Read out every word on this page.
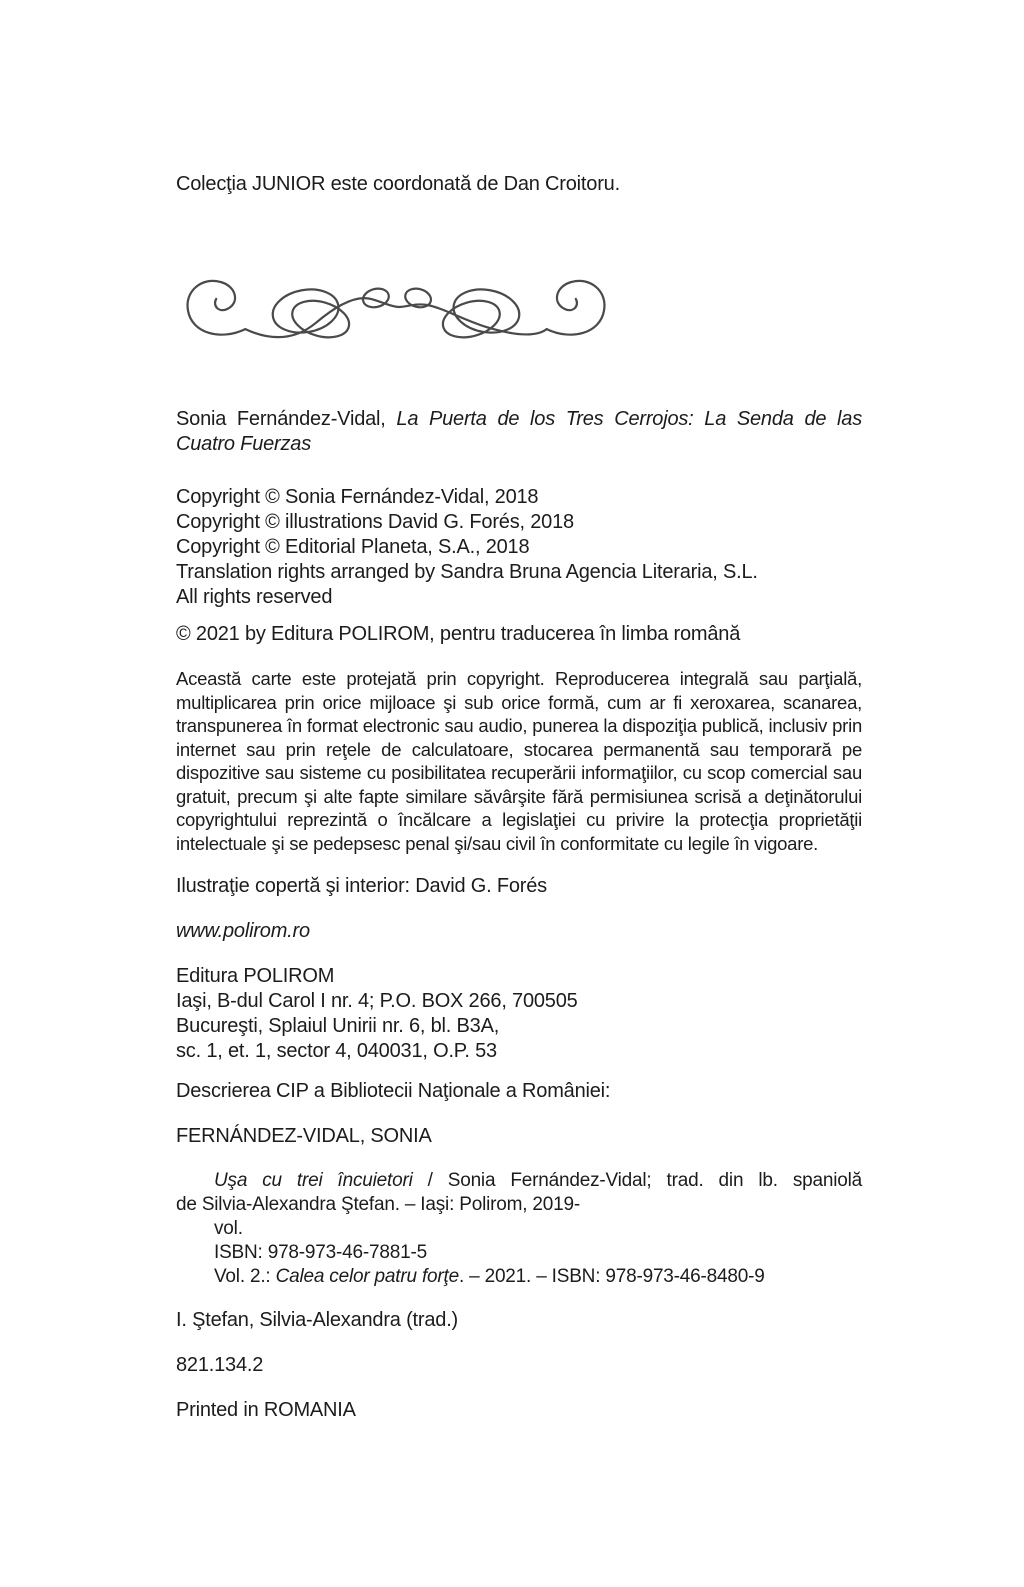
Colecţia JUNIOR este coordonată de Dan Croitoru.

Sonia Fernández-Vidal, La Puerta de los Tres Cerrojos: La Senda de las Cuatro Fuerzas

Copyright © Sonia Fernández-Vidal, 2018
Copyright © illustrations David G. Forés, 2018
Copyright © Editorial Planeta, S.A., 2018
Translation rights arranged by Sandra Bruna Agencia Literaria, S.L.
All rights reserved

© 2021 by Editura POLIROM, pentru traducerea în limba română

Această carte este protejată prin copyright. Reproducerea integrală sau parţială, multiplicarea prin orice mijloace şi sub orice formă, cum ar fi xeroxarea, scanarea, transpunerea în format electronic sau audio, punerea la dispoziţia publică, inclusiv prin internet sau prin reţele de calculatoare, stocarea permanentă sau temporară pe dispozitive sau sisteme cu posibilitatea recuperării informaţiilor, cu scop comercial sau gratuit, precum şi alte fapte similare săvârşite fără permisiunea scrisă a deţinătorului copyrightului reprezintă o încălcare a legislaţiei cu privire la protecţia proprietăţii intelectuale şi se pedepsesc penal şi/sau civil în conformitate cu legile în vigoare.

Ilustraţie copertă şi interior: David G. Forés

www.polirom.ro

Editura POLIROM
Iaşi, B-dul Carol I nr. 4; P.O. BOX 266, 700505
Bucureşti, Splaiul Unirii nr. 6, bl. B3A,
sc. 1, et. 1, sector 4, 040031, O.P. 53

Descrierea CIP a Bibliotecii Naţionale a României:

FERNÁNDEZ-VIDAL, SONIA

Uşa cu trei încuietori / Sonia Fernández-Vidal; trad. din lb. spaniolă
de Silvia-Alexandra Ştefan. – Iaşi: Polirom, 2019-
vol.
ISBN: 978-973-46-7881-5
Vol. 2.: Calea celor patru forţe. – 2021. – ISBN: 978-973-46-8480-9

I. Ştefan, Silvia-Alexandra (trad.)

821.134.2

Printed in ROMANIA
